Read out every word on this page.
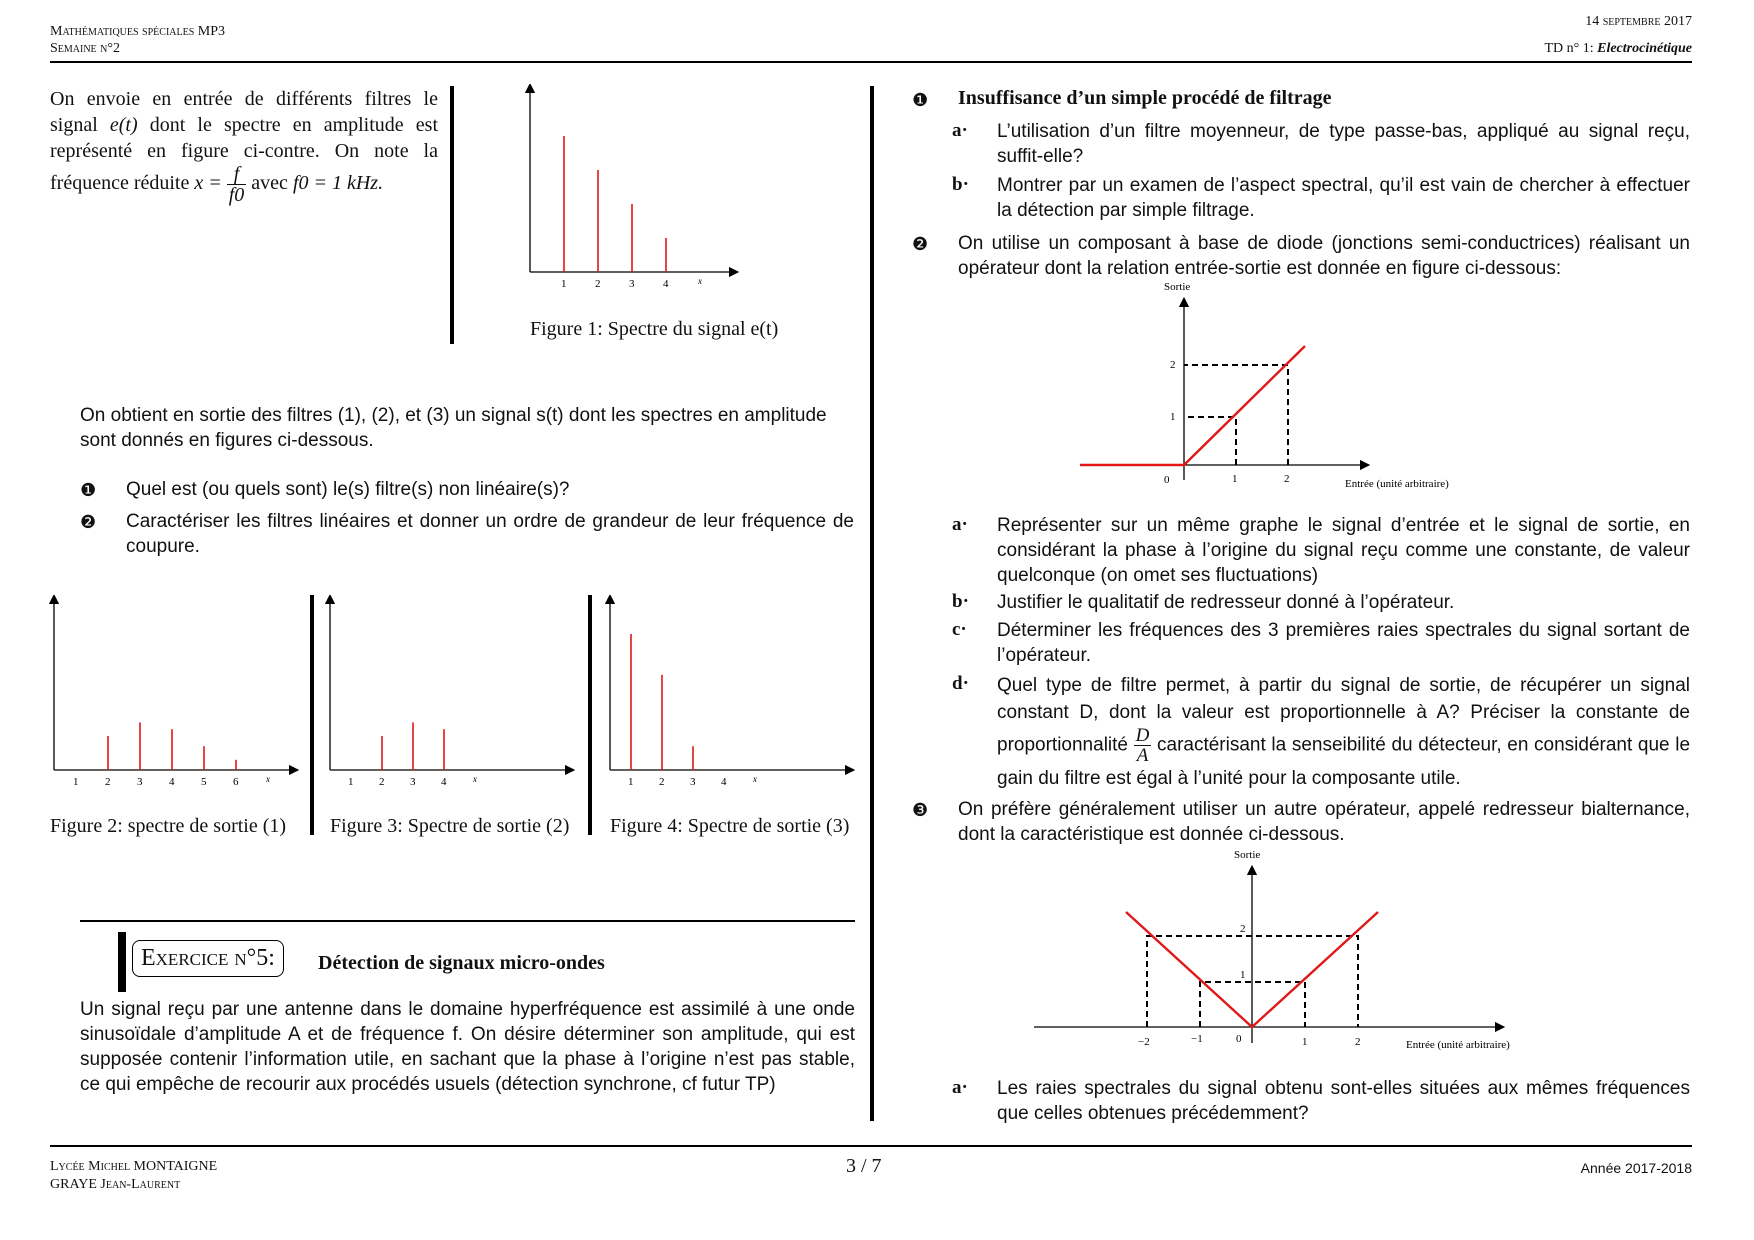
Mathématiques spéciales MP3
Semaine n°2
14 septembre 2017
TD n° 1: Electrocinétique
On envoie en entrée de différents filtres le signal e(t) dont le spectre en amplitude est représenté en figure ci-contre. On note la fréquence réduite $x = \frac{f}{f0}$ avec f0 = 1 kHz.
1	2	3	4	x
Figure 1: Spectre du signal e(t)
On obtient en sortie des filtres (1), (2), et (3) un signal s(t) dont les spectres en amplitude sont donnés en figures ci-dessous.
❶ Quel est (ou quels sont) le(s) filtre(s) non linéaire(s)?
❷ Caractériser les filtres linéaires et donner un ordre de grandeur de leur fréquence de coupure.
1 2 3 4 5 6	x
Figure 2: spectre de sortie (1)
1 2 3 4	x
Figure 3: Spectre de sortie (2)
1 2 3 4	x
Figure 4: Spectre de sortie (3)
Exercice n°5:	Détection de signaux micro-ondes
Un signal reçu par une antenne dans le domaine hyperfréquence est assimilé à une onde sinusoïdale d’amplitude A et de fréquence f. On désire déterminer son amplitude, qui est supposée contenir l’information utile, en sachant que la phase à l’origine n’est pas stable, ce qui empêche de recourir aux procédés usuels (détection synchrone, cf futur TP)
❶ Insuffisance d’un simple procédé de filtrage
a· L’utilisation d’un filtre moyenneur, de type passe-bas, appliqué au signal reçu, suffit-elle?
b· Montrer par un examen de l’aspect spectral, qu’il est vain de chercher à effectuer la détection par simple filtrage.
❷ On utilise un composant à base de diode (jonctions semi-conductrices) réalisant un opérateur dont la relation entrée-sortie est donnée en figure ci-dessous:
Sortie
1
2
0	1	2	Entrée (unité arbitraire)
a· Représenter sur un même graphe le signal d’entrée et le signal de sortie, en considérant la phase à l’origine du signal reçu comme une constante, de valeur quelconque (on omet ses fluctuations)
b· Justifier le qualitatif de redresseur donné à l’opérateur.
c· Déterminer les fréquences des 3 premières raies spectrales du signal sortant de l’opérateur.
d· Quel type de filtre permet, à partir du signal de sortie, de récupérer un signal constant D, dont la valeur est proportionnelle à A? Préciser la constante de proportionnalité $\frac{D}{A}$ caractérisant la senseibilité du détecteur, en considérant que le gain du filtre est égal à l’unité pour la composante utile.
❸ On préfère généralement utiliser un autre opérateur, appelé redresseur bialternance, dont la caractéristique est donnée ci-dessous.
Sortie
2
1
−2	−1	0	1	2	Entrée (unité arbitraire)
a· Les raies spectrales du signal obtenu sont-elles situées aux mêmes fréquences que celles obtenues précédemment?
Lycée Michel MONTAIGNE
GRAYE Jean-Laurent
3 / 7	Année 2017-2018
